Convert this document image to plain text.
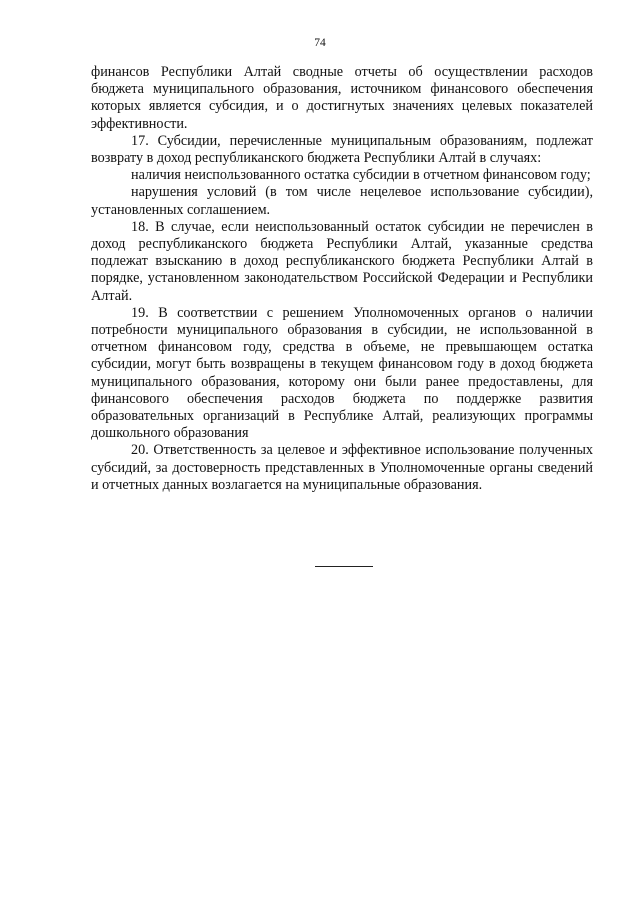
74

финансов Республики Алтай сводные отчеты об осуществлении расходов бюджета муниципального образования, источником финансового обеспечения которых является субсидия, и о достигнутых значениях целевых показателей эффективности.

17. Субсидии, перечисленные муниципальным образованиям, подлежат возврату в доход республиканского бюджета Республики Алтай в случаях:

наличия неиспользованного остатка субсидии в отчетном финансовом году;

нарушения условий (в том числе нецелевое использование субсидии), установленных соглашением.

18. В случае, если неиспользованный остаток субсидии не перечислен в доход республиканского бюджета Республики Алтай, указанные средства подлежат взысканию в доход республиканского бюджета Республики Алтай в порядке, установленном законодательством Российской Федерации и Республики Алтай.

19. В соответствии с решением Уполномоченных органов о наличии потребности муниципального образования в субсидии, не использованной в отчетном финансовом году, средства в объеме, не превышающем остатка субсидии, могут быть возвращены в текущем финансовом году в доход бюджета муниципального образования, которому они были ранее предоставлены, для финансового обеспечения расходов бюджета по поддержке развития образовательных организаций в Республике Алтай, реализующих программы дошкольного образования

20. Ответственность за целевое и эффективное использование полученных субсидий, за достоверность представленных в Уполномоченные органы сведений и отчетных данных возлагается на муниципальные образования.
